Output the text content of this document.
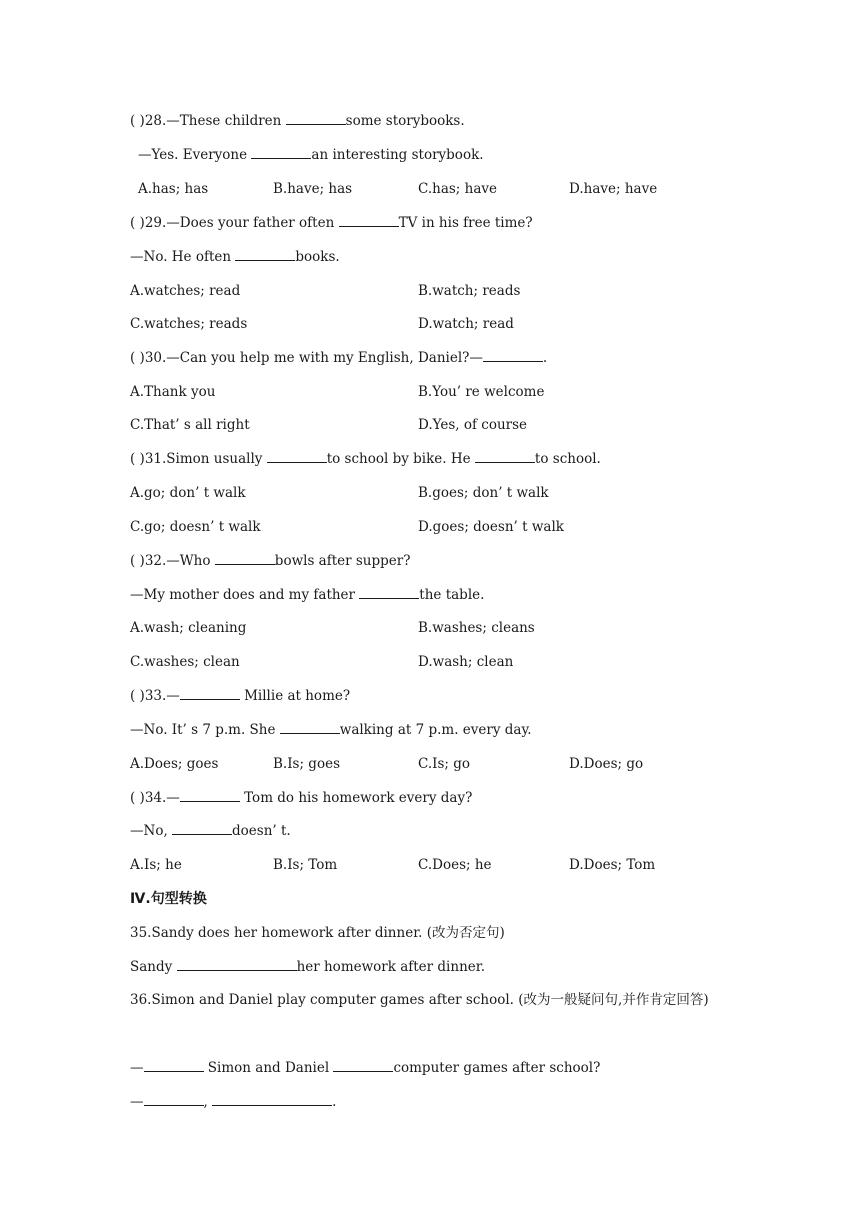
( )28.—These children	some storybooks.
—Yes. Everyone	an interesting storybook.
A.has; has	B.have; has	C.has; have	D.have; have
( )29.—Does your father often	TV in his free time?
—No. He often	books.
A.watches; read	B.watch; reads
C.watches; reads	D.watch; read
( )30.—Can you help me with my English, Daniel?—	.
A.Thank you	B.You’ re welcome
C.That’ s all right	D.Yes, of course
( )31.Simon usually	to school by bike. He	to school.
A.go; don’ t walk	B.goes; don’ t walk
C.go; doesn’ t walk	D.goes; doesn’ t walk
( )32.—Who	bowls after supper?
—My mother does and my father	the table.
A.wash; cleaning	B.washes; cleans
C.washes; clean	D.wash; clean
( )33.—	Millie at home?
—No. It’ s 7 p.m. She	walking at 7 p.m. every day.
A.Does; goes	B.Is; goes	C.Is; go	D.Does; go
( )34.—	Tom do his homework every day?
—No,	doesn’ t.
A.Is; he	B.Is; Tom	C.Does; he	D.Does; Tom
Ⅳ.句型转换
35.Sandy does her homework after dinner. (改为否定句)
Sandy	her homework after dinner.
36.Simon and Daniel play computer games after school. (改为一般疑问句,并作肯定回答)
—	Simon and Daniel	computer games after school?
—	,	.
